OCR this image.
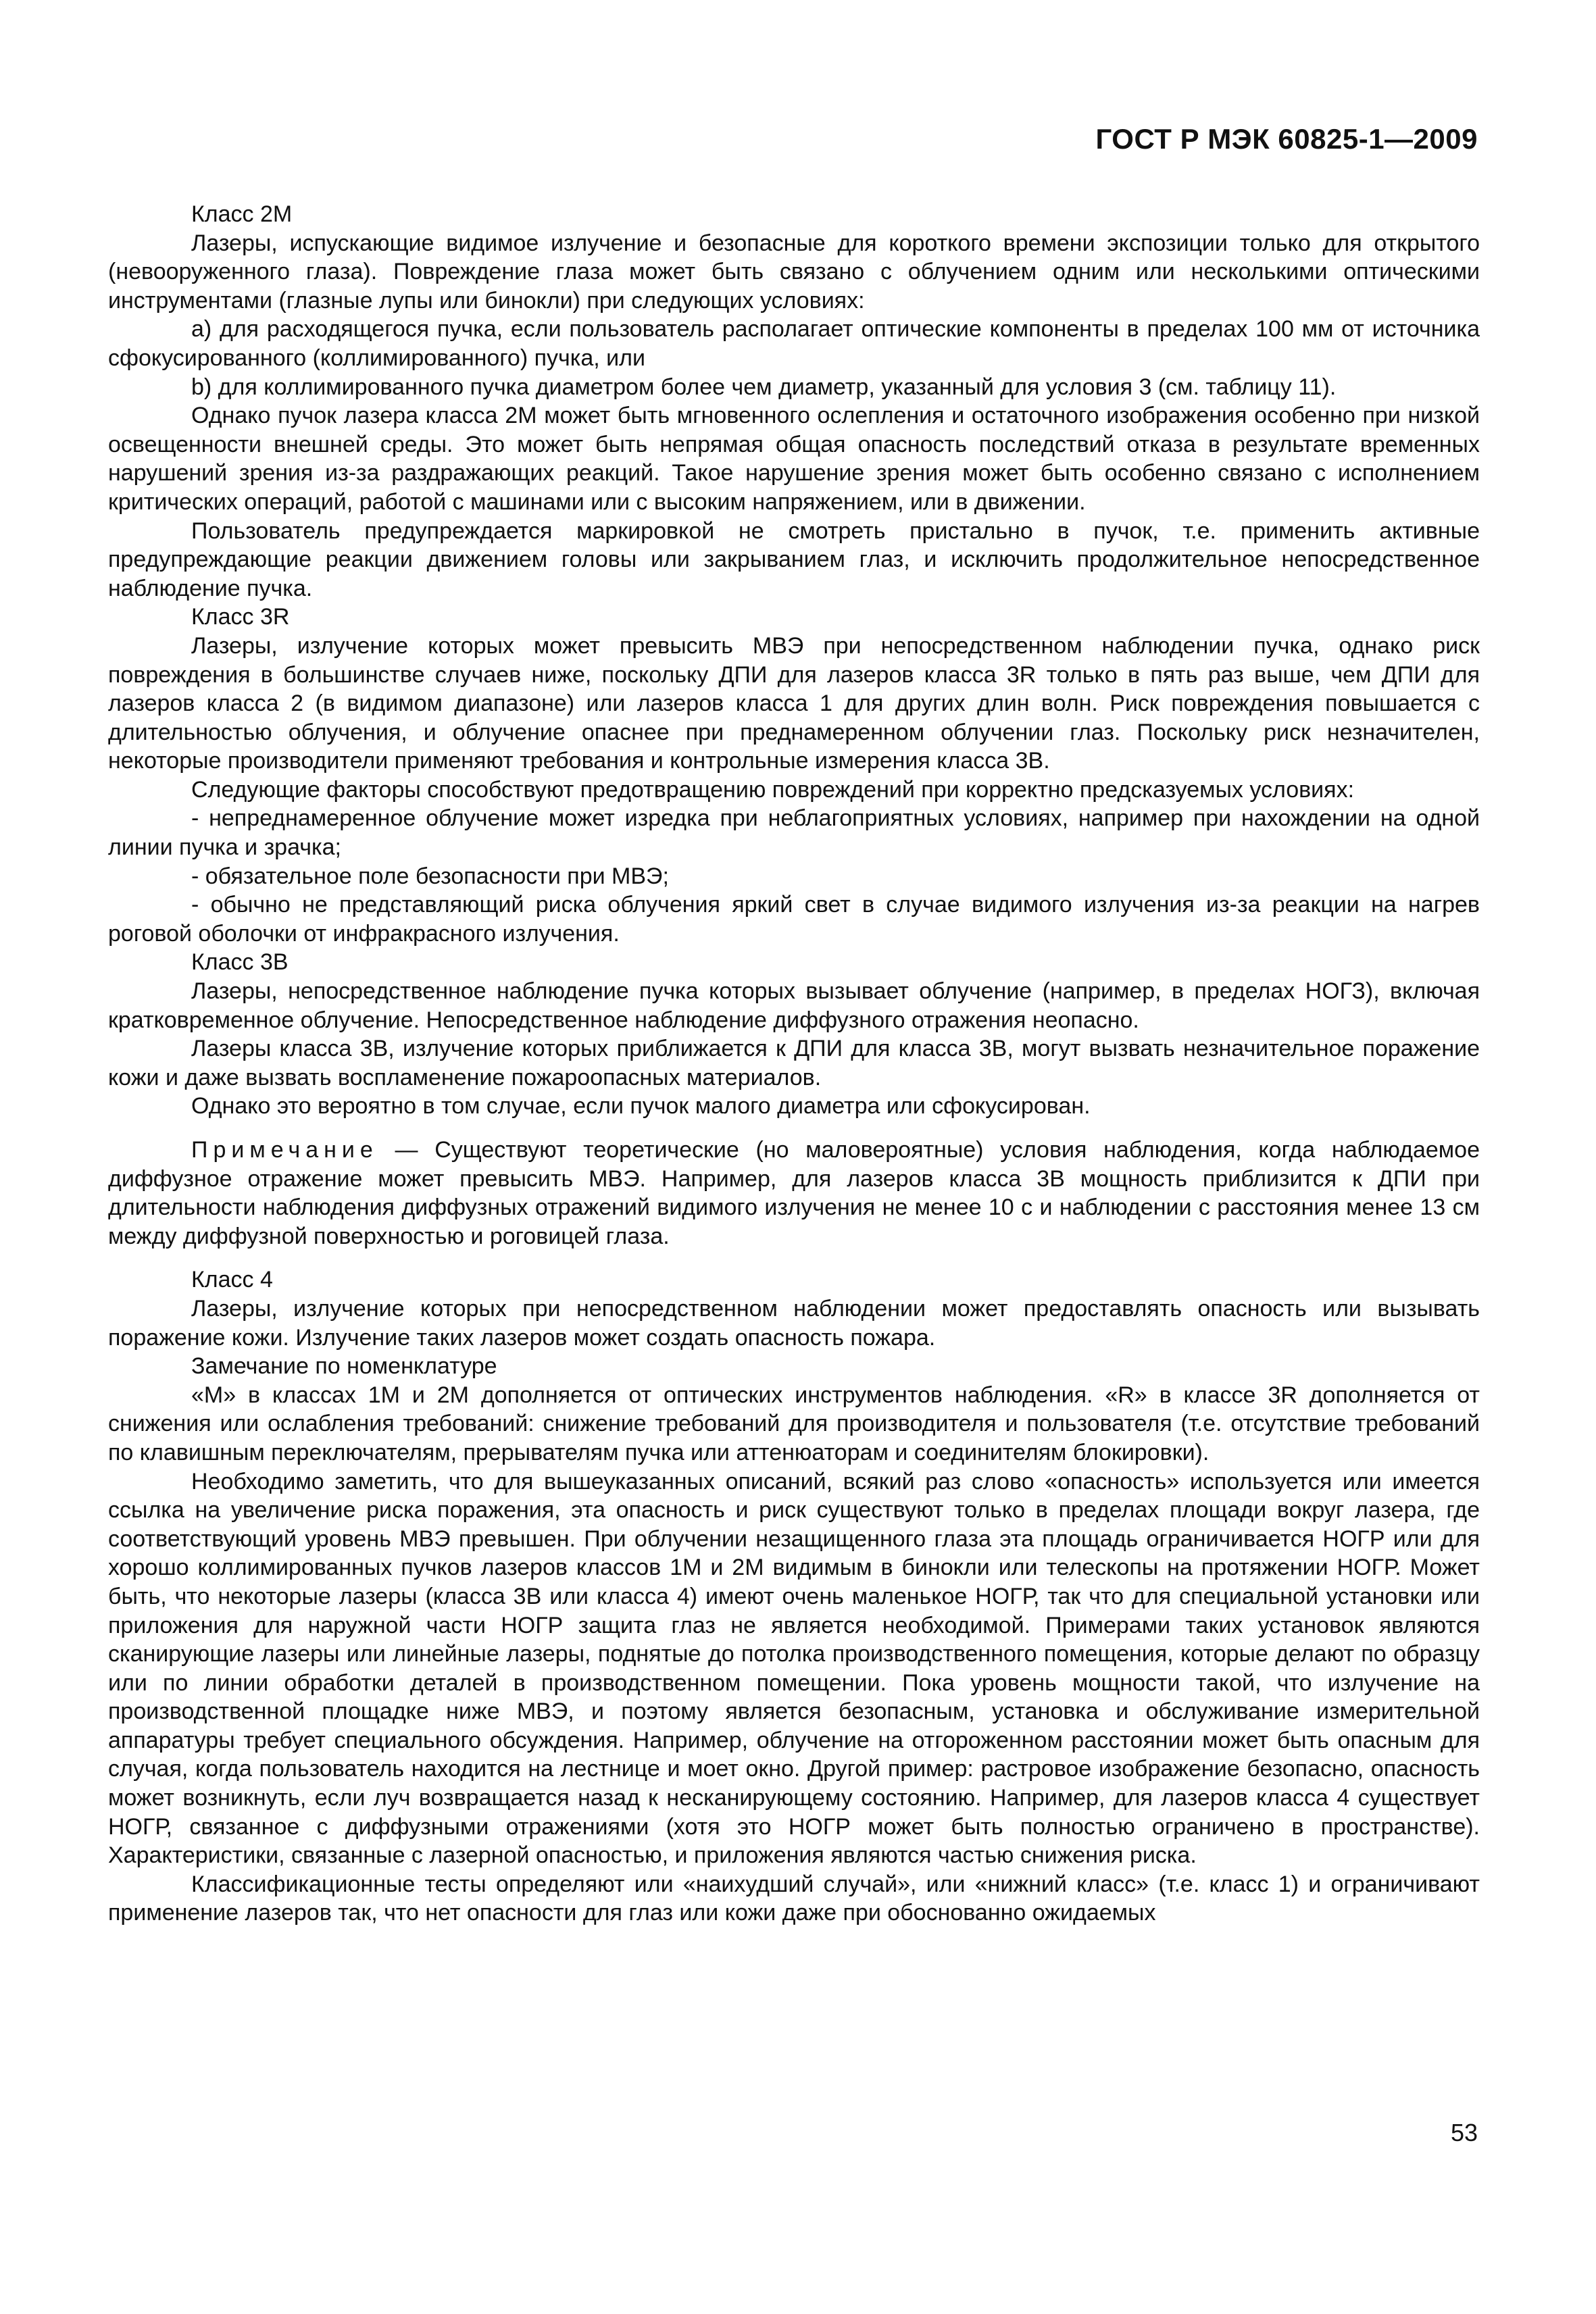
ГОСТ Р МЭК 60825-1—2009

Класс 2М

Лазеры, испускающие видимое излучение и безопасные для короткого времени экспозиции только для открытого (невооруженного глаза). Повреждение глаза может быть связано с облучением одним или несколькими оптическими инструментами (глазные лупы или бинокли) при следующих условиях:

a) для расходящегося пучка, если пользователь располагает оптические компоненты в пределах 100 мм от источника сфокусированного (коллимированного) пучка, или

b) для коллимированного пучка диаметром более чем диаметр, указанный для условия 3 (см. таблицу 11).

Однако пучок лазера класса 2М может быть мгновенного ослепления и остаточного изображения особенно при низкой освещенности внешней среды. Это может быть непрямая общая опасность последствий отказа в результате временных нарушений зрения из-за раздражающих реакций. Такое нарушение зрения может быть особенно связано с исполнением критических операций, работой с машинами или с высоким напряжением, или в движении.

Пользователь предупреждается маркировкой не смотреть пристально в пучок, т.е. применить активные предупреждающие реакции движением головы или закрыванием глаз, и исключить продолжительное непосредственное наблюдение пучка.

Класс 3R

Лазеры, излучение которых может превысить МВЭ при непосредственном наблюдении пучка, однако риск повреждения в большинстве случаев ниже, поскольку ДПИ для лазеров класса 3R только в пять раз выше, чем ДПИ для лазеров класса 2 (в видимом диапазоне) или лазеров класса 1 для других длин волн. Риск повреждения повышается с длительностью облучения, и облучение опаснее при преднамеренном облучении глаз. Поскольку риск незначителен, некоторые производители применяют требования и контрольные измерения класса 3В.

Следующие факторы способствуют предотвращению повреждений при корректно предсказуемых условиях:

- непреднамеренное облучение может изредка при неблагоприятных условиях, например при нахождении на одной линии пучка и зрачка;

- обязательное поле безопасности при МВЭ;

- обычно не представляющий риска облучения яркий свет в случае видимого излучения из-за реакции на нагрев роговой оболочки от инфракрасного излучения.

Класс 3В

Лазеры, непосредственное наблюдение пучка которых вызывает облучение (например, в пределах НОГЗ), включая кратковременное облучение. Непосредственное наблюдение диффузного отражения неопасно.

Лазеры класса 3В, излучение которых приближается к ДПИ для класса 3В, могут вызвать незначительное поражение кожи и даже вызвать воспламенение пожароопасных материалов.

Однако это вероятно в том случае, если пучок малого диаметра или сфокусирован.

Примечание — Существуют теоретические (но маловероятные) условия наблюдения, когда наблюдаемое диффузное отражение может превысить МВЭ. Например, для лазеров класса 3В мощность приблизится к ДПИ при длительности наблюдения диффузных отражений видимого излучения не менее 10 с и наблюдении с расстояния менее 13 см между диффузной поверхностью и роговицей глаза.

Класс 4

Лазеры, излучение которых при непосредственном наблюдении может предоставлять опасность или вызывать поражение кожи. Излучение таких лазеров может создать опасность пожара.

Замечание по номенклатуре

«М» в классах 1М и 2М дополняется от оптических инструментов наблюдения. «R» в классе 3R дополняется от снижения или ослабления требований: снижение требований для производителя и пользователя (т.е. отсутствие требований по клавишным переключателям, прерывателям пучка или аттенюаторам и соединителям блокировки).

Необходимо заметить, что для вышеуказанных описаний, всякий раз слово «опасность» используется или имеется ссылка на увеличение риска поражения, эта опасность и риск существуют только в пределах площади вокруг лазера, где соответствующий уровень МВЭ превышен. При облучении незащищенного глаза эта площадь ограничивается НОГР или для хорошо коллимированных пучков лазеров классов 1М и 2М видимым в бинокли или телескопы на протяжении НОГР. Может быть, что некоторые лазеры (класса 3В или класса 4) имеют очень маленькое НОГР, так что для специальной установки или приложения для наружной части НОГР защита глаз не является необходимой. Примерами таких установок являются сканирующие лазеры или линейные лазеры, поднятые до потолка производственного помещения, которые делают по образцу или по линии обработки деталей в производственном помещении. Пока уровень мощности такой, что излучение на производственной площадке ниже МВЭ, и поэтому является безопасным, установка и обслуживание измерительной аппаратуры требует специального обсуждения. Например, облучение на отгороженном расстоянии может быть опасным для случая, когда пользователь находится на лестнице и моет окно. Другой пример: растровое изображение безопасно, опасность может возникнуть, если луч возвращается назад к несканирующему состоянию. Например, для лазеров класса 4 существует НОГР, связанное с диффузными отражениями (хотя это НОГР может быть полностью ограничено в пространстве). Характеристики, связанные с лазерной опасностью, и приложения являются частью снижения риска.

Классификационные тесты определяют или «наихудший случай», или «нижний класс» (т.е. класс 1) и ограничивают применение лазеров так, что нет опасности для глаз или кожи даже при обоснованно ожидаемых

53
